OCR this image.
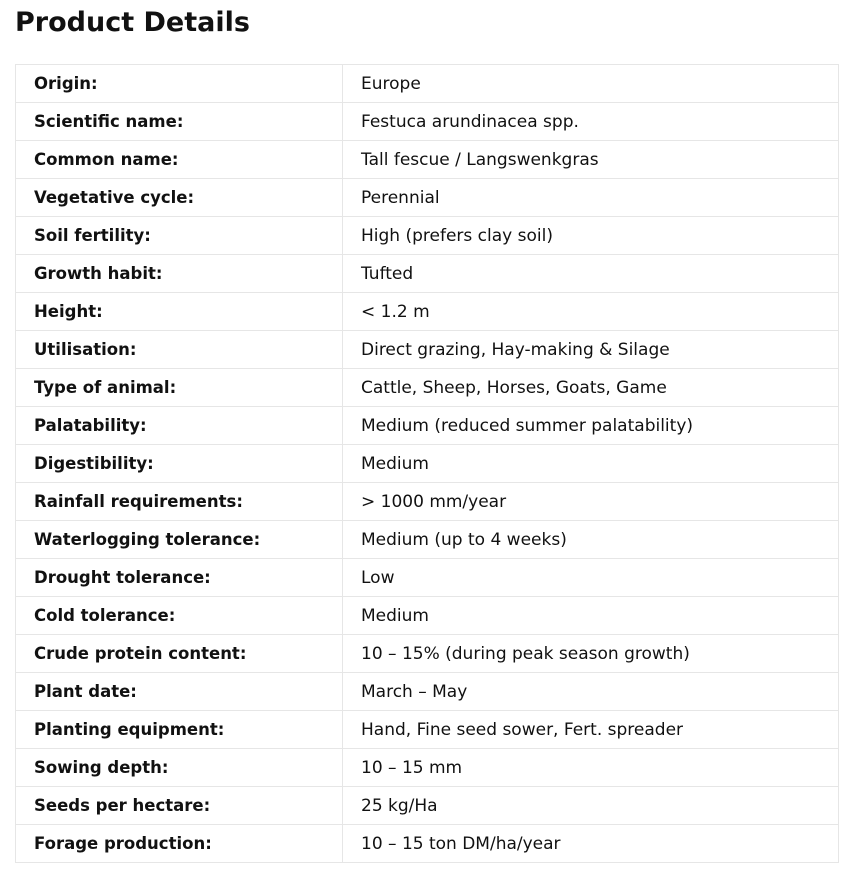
Product Details
Origin:	Europe
Scientific name:	Festuca arundinacea spp.
Common name:	Tall fescue / Langswenkgras
Vegetative cycle:	Perennial
Soil fertility:	High (prefers clay soil)
Growth habit:	Tufted
Height:	< 1.2 m
Utilisation:	Direct grazing, Hay-making & Silage
Type of animal:	Cattle, Sheep, Horses, Goats, Game
Palatability:	Medium (reduced summer palatability)
Digestibility:	Medium
Rainfall requirements:	> 1000 mm/year
Waterlogging tolerance:	Medium (up to 4 weeks)
Drought tolerance:	Low
Cold tolerance:	Medium
Crude protein content:	10 – 15% (during peak season growth)
Plant date:	March – May
Planting equipment:	Hand, Fine seed sower, Fert. spreader
Sowing depth:	10 – 15 mm
Seeds per hectare:	25 kg/Ha
Forage production:	10 – 15 ton DM/ha/year
